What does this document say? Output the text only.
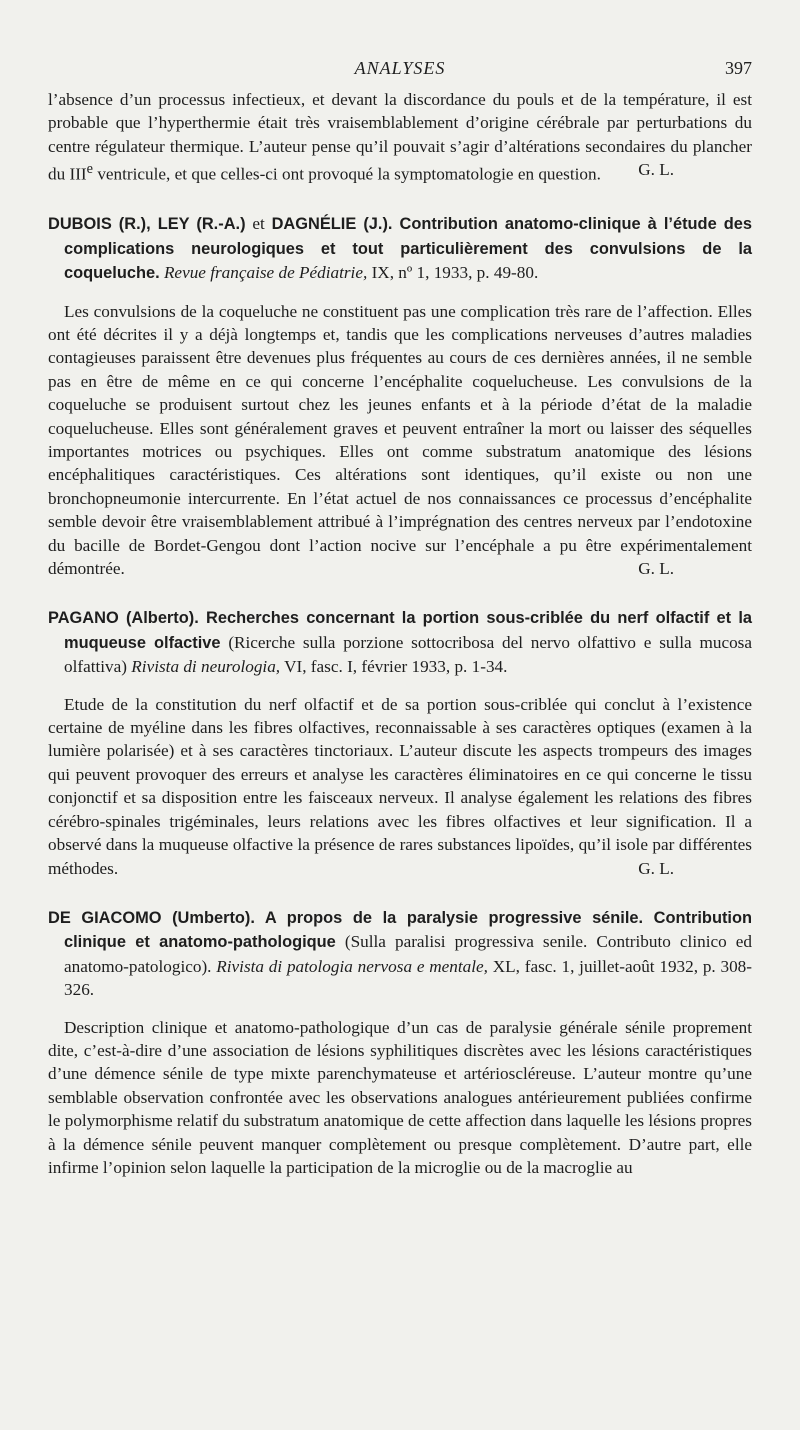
ANALYSES	397

l’absence d’un processus infectieux, et devant la discordance du pouls et de la température, il est probable que l’hyperthermie était très vraisemblablement d’origine cérébrale par perturbations du centre régulateur thermique. L’auteur pense qu’il pouvait s’agir d’altérations secondaires du plancher du IIIe ventricule, et que celles-ci ont provoqué la symptomatologie en question. G. L.

DUBOIS (R.), LEY (R.-A.) et DAGNÉLIE (J.). Contribution anatomo-clinique à l’étude des complications neurologiques et tout particulièrement des convulsions de la coqueluche. Revue française de Pédiatrie, IX, nº 1, 1933, p. 49-80.

Les convulsions de la coqueluche ne constituent pas une complication très rare de l’affection. Elles ont été décrites il y a déjà longtemps et, tandis que les complications nerveuses d’autres maladies contagieuses paraissent être devenues plus fréquentes au cours de ces dernières années, il ne semble pas en être de même en ce qui concerne l’encéphalite coquelucheuse. Les convulsions de la coqueluche se produisent surtout chez les jeunes enfants et à la période d’état de la maladie coquelucheuse. Elles sont généralement graves et peuvent entraîner la mort ou laisser des séquelles importantes motrices ou psychiques. Elles ont comme substratum anatomique des lésions encéphalitiques caractéristiques. Ces altérations sont identiques, qu’il existe ou non une bronchopneumonie intercurrente. En l’état actuel de nos connaissances ce processus d’encéphalite semble devoir être vraisemblablement attribué à l’imprégnation des centres nerveux par l’endotoxine du bacille de Bordet-Gengou dont l’action nocive sur l’encéphale a pu être expérimentalement démontrée.	G. L.

PAGANO (Alberto). Recherches concernant la portion sous-criblée du nerf olfactif et la muqueuse olfactive (Ricerche sulla porzione sottocribosa del nervo olfattivo e sulla mucosa olfattiva) Rivista di neurologia, VI, fasc. I, février 1933, p. 1-34.

Etude de la constitution du nerf olfactif et de sa portion sous-criblée qui conclut à l’existence certaine de myéline dans les fibres olfactives, reconnaissable à ses caractères optiques (examen à la lumière polarisée) et à ses caractères tinctoriaux. L’auteur discute les aspects trompeurs des images qui peuvent provoquer des erreurs et analyse les caractères éliminatoires en ce qui concerne le tissu conjonctif et sa disposition entre les faisceaux nerveux. Il analyse également les relations des fibres cérébro-spinales trigéminales, leurs relations avec les fibres olfactives et leur signification. Il a observé dans la muqueuse olfactive la présence de rares substances lipoïdes, qu’il isole par différentes méthodes.	G. L.

DE GIACOMO (Umberto). A propos de la paralysie progressive sénile. Contribution clinique et anatomo-pathologique (Sulla paralisi progressiva senile. Contributo clinico ed anatomo-patologico). Rivista di patologia nervosa e mentale, XL, fasc. 1, juillet-août 1932, p. 308-326.

Description clinique et anatomo-pathologique d’un cas de paralysie générale sénile proprement dite, c’est-à-dire d’une association de lésions syphilitiques discrètes avec les lésions caractéristiques d’une démence sénile de type mixte parenchymateuse et artérioscléreuse. L’auteur montre qu’une semblable observation confrontée avec les observations analogues antérieurement publiées confirme le polymorphisme relatif du substratum anatomique de cette affection dans laquelle les lésions propres à la démence sénile peuvent manquer complètement ou presque complètement. D’autre part, elle infirme l’opinion selon laquelle la participation de la microglie ou de la macroglie au
